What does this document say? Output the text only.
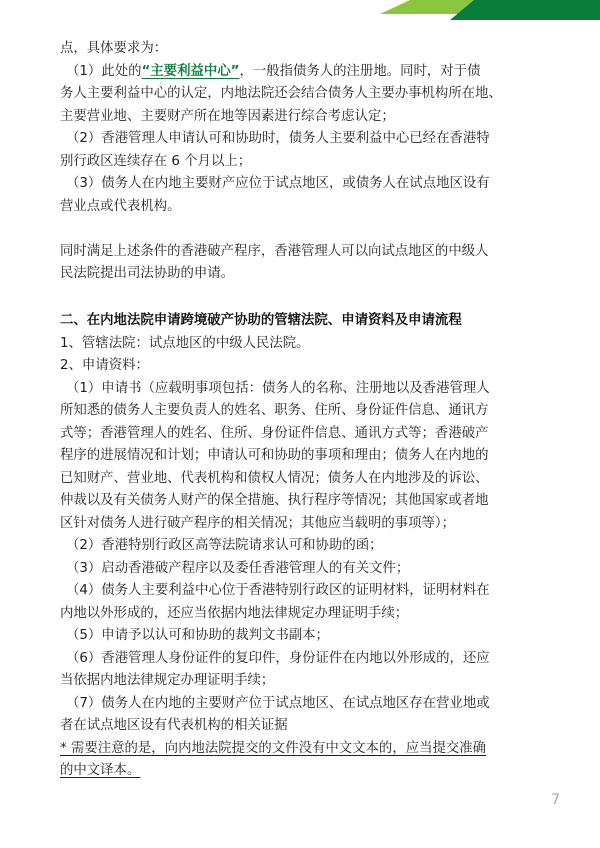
点，具体要求为：
（1）此处的“主要利益中心”，一般指债务人的注册地。同时，对于债
务人主要利益中心的认定，内地法院还会结合债务人主要办事机构所在地、
主要营业地、主要财产所在地等因素进行综合考虑认定；
（2）香港管理人申请认可和协助时，债务人主要利益中心已经在香港特
别行政区连续存在 6 个月以上；
（3）债务人在内地主要财产应位于试点地区，或债务人在试点地区设有
营业点或代表机构。
同时满足上述条件的香港破产程序，香港管理人可以向试点地区的中级人
民法院提出司法协助的申请。
二、在内地法院申请跨境破产协助的管辖法院、申请资料及申请流程
1、管辖法院：试点地区的中级人民法院。
2、申请资料：
（1）申请书（应载明事项包括：债务人的名称、注册地以及香港管理人
所知悉的债务人主要负责人的姓名、职务、住所、身份证件信息、通讯方
式等；香港管理人的姓名、住所、身份证件信息、通讯方式等；香港破产
程序的进展情况和计划；申请认可和协助的事项和理由；债务人在内地的
已知财产、营业地、代表机构和债权人情况；债务人在内地涉及的诉讼、
仲裁以及有关债务人财产的保全措施、执行程序等情况；其他国家或者地
区针对债务人进行破产程序的相关情况；其他应当载明的事项等）；
（2）香港特别行政区高等法院请求认可和协助的函；
（3）启动香港破产程序以及委任香港管理人的有关文件；
（4）债务人主要利益中心位于香港特别行政区的证明材料，证明材料在
内地以外形成的，还应当依据内地法律规定办理证明手续；
（5）申请予以认可和协助的裁判文书副本；
（6）香港管理人身份证件的复印件，身份证件在内地以外形成的，还应
当依据内地法律规定办理证明手续；
（7）债务人在内地的主要财产位于试点地区、在试点地区存在营业地或
者在试点地区设有代表机构的相关证据
* 需要注意的是，向内地法院提交的文件没有中文文本的，应当提交准确
的中文译本。
7
